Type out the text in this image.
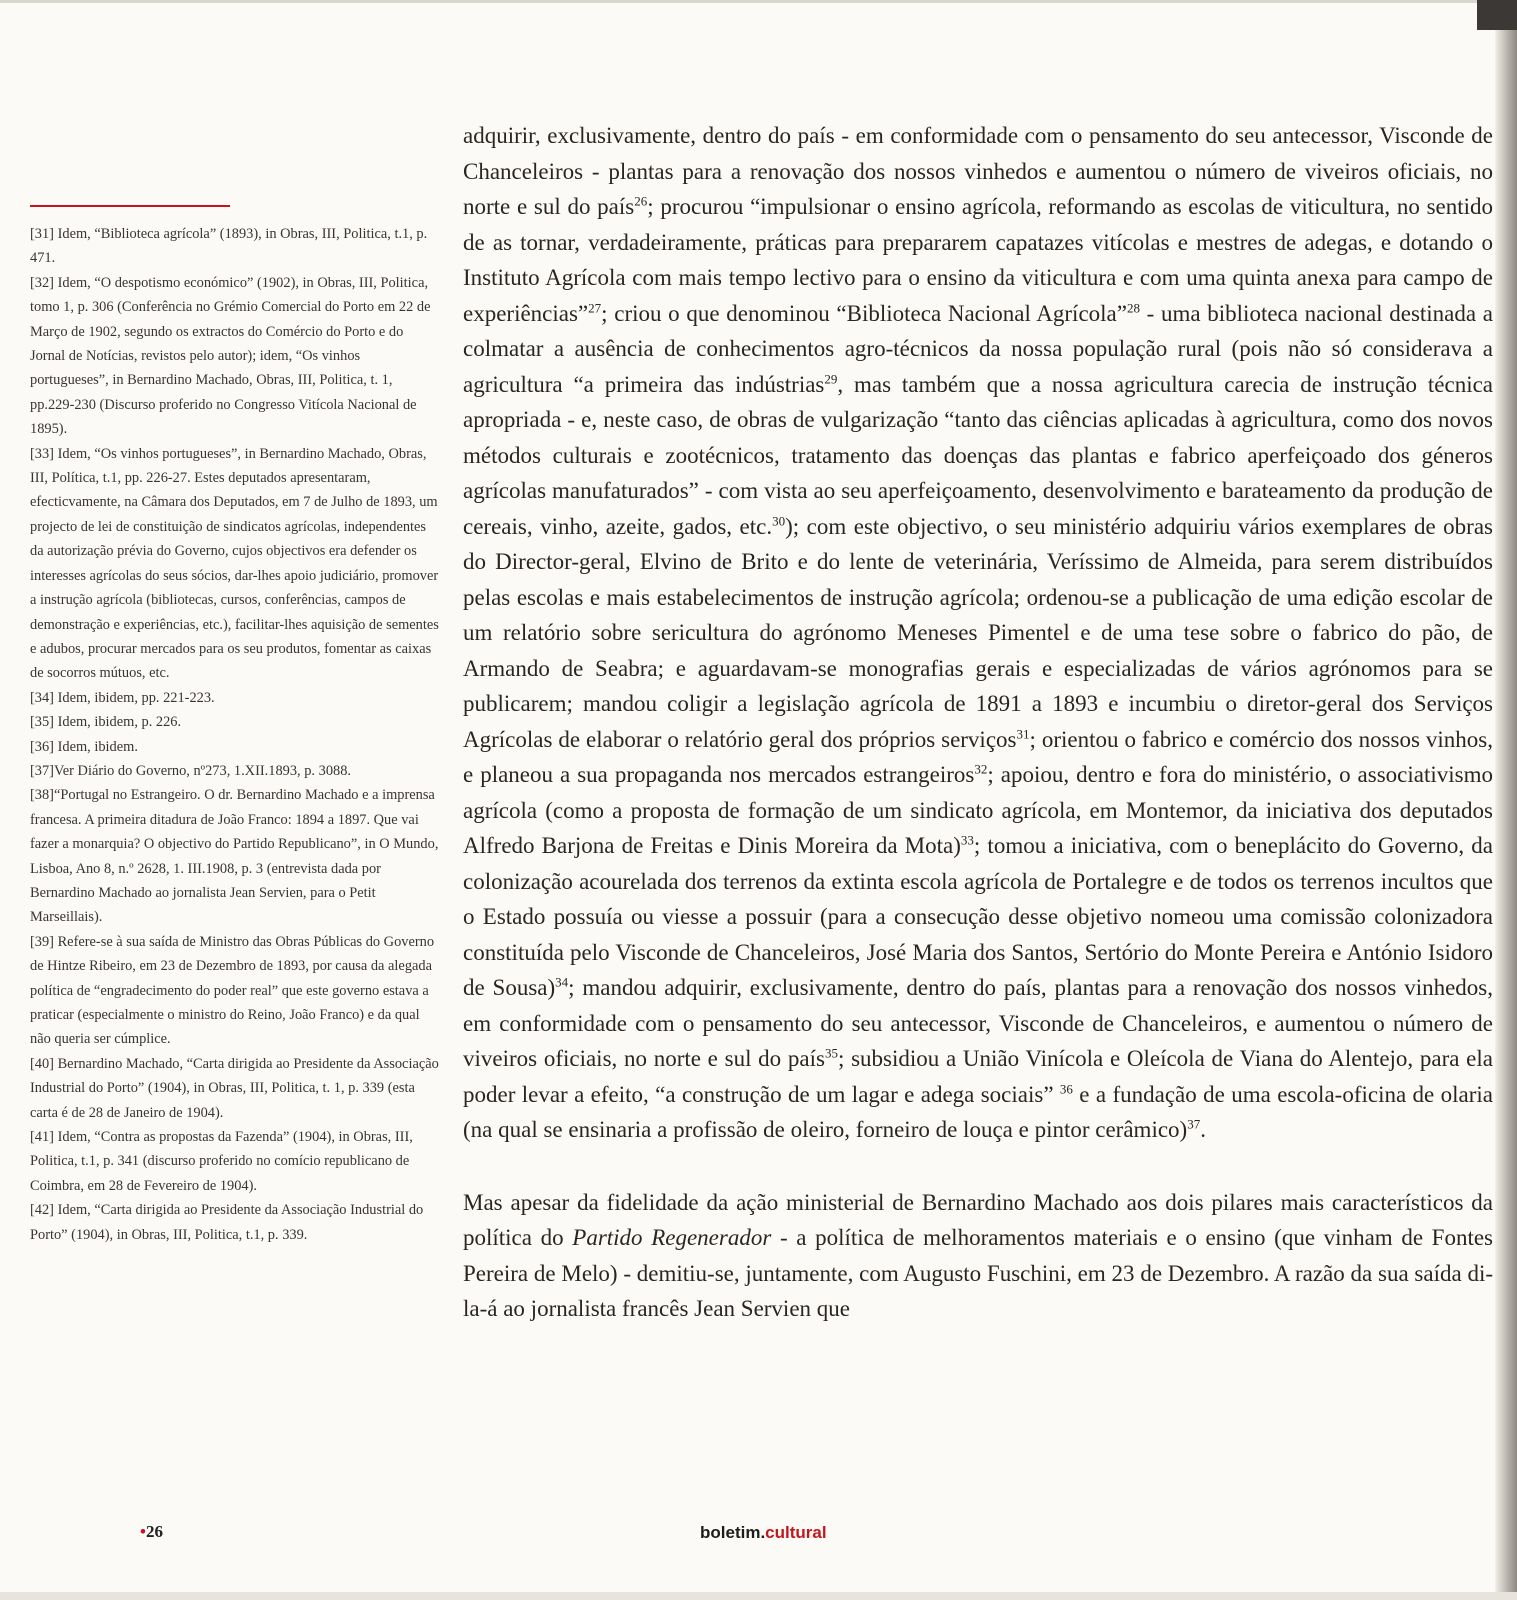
[31] Idem, “Biblioteca agrícola” (1893), in Obras, III, Politica, t.1, p. 471.

[32] Idem, “O despotismo económico” (1902), in Obras, III, Politica, tomo 1, p. 306 (Conferência no Grémio Comercial do Porto em 22 de Março de 1902, segundo os extractos do Comércio do Porto e do Jornal de Notícias, revistos pelo autor); idem, “Os vinhos portugueses”, in Bernardino Machado, Obras, III, Politica, t. 1, pp.229-230 (Discurso proferido no Congresso Vitícola Nacional de 1895).

[33] Idem, “Os vinhos portugueses”, in Bernardino Machado, Obras, III, Política, t.1, pp. 226-27. Estes deputados apresentaram, efecticvamente, na Câmara dos Deputados, em 7 de Julho de 1893, um projecto de lei de constituição de sindicatos agrícolas, independentes da autorização prévia do Governo, cujos objectivos era defender os interesses agrícolas do seus sócios, dar-lhes apoio judiciário, promover a instrução agrícola (bibliotecas, cursos, conferências, campos de demonstração e experiências, etc.), facilitar-lhes aquisição de sementes e adubos, procurar mercados para os seu produtos, fomentar as caixas de socorros mútuos, etc.

[34] Idem, ibidem, pp. 221-223.

[35] Idem, ibidem, p. 226.

[36] Idem, ibidem.

[37]Ver Diário do Governo, nº273, 1.XII.1893, p. 3088.

[38]“Portugal no Estrangeiro. O dr. Bernardino Machado e a imprensa francesa. A primeira ditadura de João Franco: 1894 a 1897. Que vai fazer a monarquia? O objectivo do Partido Republicano”, in O Mundo, Lisboa, Ano 8, n.º 2628, 1. III.1908, p. 3 (entrevista dada por Bernardino Machado ao jornalista Jean Servien, para o Petit Marseillais).

[39] Refere-se à sua saída de Ministro das Obras Públicas do Governo de Hintze Ribeiro, em 23 de Dezembro de 1893, por causa da alegada política de “engradecimento do poder real” que este governo estava a praticar (especialmente o ministro do Reino, João Franco) e da qual não queria ser cúmplice.

[40] Bernardino Machado, “Carta dirigida ao Presidente da Associação Industrial do Porto” (1904), in Obras, III, Politica, t. 1, p. 339 (esta carta é de 28 de Janeiro de 1904).

[41] Idem, “Contra as propostas da Fazenda” (1904), in Obras, III, Politica, t.1, p. 341 (discurso proferido no comício republicano de Coimbra, em 28 de Fevereiro de 1904).

[42] Idem, “Carta dirigida ao Presidente da Associação Industrial do Porto” (1904), in Obras, III, Politica, t.1, p. 339.

adquirir, exclusivamente, dentro do país - em conformidade com o pensamento do seu antecessor, Visconde de Chanceleiros - plantas para a renovação dos nossos vinhedos e aumentou o número de viveiros oficiais, no norte e sul do país$^{26}$; procurou “impulsionar o ensino agrícola, reformando as escolas de viticultura, no sentido de as tornar, verdadeiramente, práticas para prepararem capatazes vitícolas e mestres de adegas, e dotando o Instituto Agrícola com mais tempo lectivo para o ensino da viticultura e com uma quinta anexa para campo de experiências”$^{27}$; criou o que denominou “Biblioteca Nacional Agrícola”$^{28}$ - uma biblioteca nacional destinada a colmatar a ausência de conhecimentos agro-técnicos da nossa população rural (pois não só considerava a agricultura “a primeira das indústrias$^{29}$, mas também que a nossa agricultura carecia de instrução técnica apropriada - e, neste caso, de obras de vulgarização “tanto das ciências aplicadas à agricultura, como dos novos métodos culturais e zootécnicos, tratamento das doenças das plantas e fabrico aperfeiçoado dos géneros agrícolas manufaturados” - com vista ao seu aperfeiçoamento, desenvolvimento e barateamento da produção de cereais, vinho, azeite, gados, etc.$^{30}$); com este objectivo, o seu ministério adquiriu vários exemplares de obras do Director-geral, Elvino de Brito e do lente de veterinária, Veríssimo de Almeida, para serem distribuídos pelas escolas e mais estabelecimentos de instrução agrícola; ordenou-se a publicação de uma edição escolar de um relatório sobre sericultura do agrónomo Meneses Pimentel e de uma tese sobre o fabrico do pão, de Armando de Seabra; e aguardavam-se monografias gerais e especializadas de vários agrónomos para se publicarem; mandou coligir a legislação agrícola de 1891 a 1893 e incumbiu o diretor-geral dos Serviços Agrícolas de elaborar o relatório geral dos próprios serviços$^{31}$; orientou o fabrico e comércio dos nossos vinhos, e planeou a sua propaganda nos mercados estrangeiros$^{32}$; apoiou, dentro e fora do ministério, o associativismo agrícola (como a proposta de formação de um sindicato agrícola, em Montemor, da iniciativa dos deputados Alfredo Barjona de Freitas e Dinis Moreira da Mota)$^{33}$; tomou a iniciativa, com o beneplácito do Governo, da colonização acourelada dos terrenos da extinta escola agrícola de Portalegre e de todos os terrenos incultos que o Estado possuía ou viesse a possuir (para a consecução desse objetivo nomeou uma comissão colonizadora constituída pelo Visconde de Chanceleiros, José Maria dos Santos, Sertório do Monte Pereira e António Isidoro de Sousa)$^{34}$; mandou adquirir, exclusivamente, dentro do país, plantas para a renovação dos nossos vinhedos, em conformidade com o pensamento do seu antecessor, Visconde de Chanceleiros, e aumentou o número de viveiros oficiais, no norte e sul do país$^{35}$; subsidiou a União Vinícola e Oleícola de Viana do Alentejo, para ela poder levar a efeito, “a construção de um lagar e adega sociais” $^{36}$ e a fundação de uma escola-oficina de olaria (na qual se ensinaria a profissão de oleiro, forneiro de louça e pintor cerâmico)$^{37}$.

Mas apesar da fidelidade da ação ministerial de Bernardino Machado aos dois pilares mais característicos da política do Partido Regenerador - a política de melhoramentos materiais e o ensino (que vinham de Fontes Pereira de Melo) - demitiu-se, juntamente, com Augusto Fuschini, em 23 de Dezembro. A razão da sua saída di-la-á ao jornalista francês Jean Servien que

•26	boletim.cultural
